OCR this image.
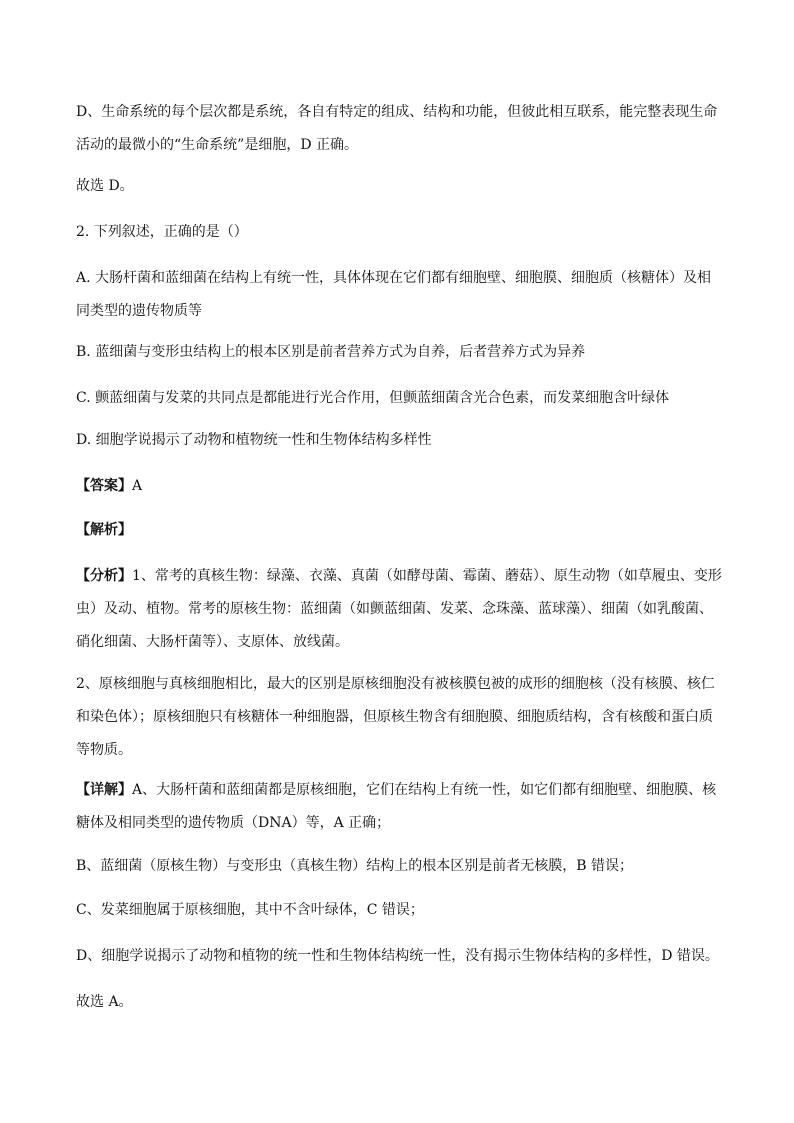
D、生命系统的每个层次都是系统，各自有特定的组成、结构和功能，但彼此相互联系，能完整表现生命
活动的最微小的“生命系统”是细胞，D 正确。

故选 D。

2. 下列叙述，正确的是（）

A. 大肠杆菌和蓝细菌在结构上有统一性，具体体现在它们都有细胞壁、细胞膜、细胞质（核糖体）及相
同类型的遗传物质等

B. 蓝细菌与变形虫结构上的根本区别是前者营养方式为自养，后者营养方式为异养

C. 颤蓝细菌与发菜的共同点是都能进行光合作用，但颤蓝细菌含光合色素，而发菜细胞含叶绿体

D. 细胞学说揭示了动物和植物统一性和生物体结构多样性

【答案】A

【解析】

【分析】1、常考的真核生物：绿藻、衣藻、真菌（如酵母菌、霉菌、蘑菇）、原生动物（如草履虫、变形
虫）及动、植物。常考的原核生物：蓝细菌（如颤蓝细菌、发菜、念珠藻、蓝球藻）、细菌（如乳酸菌、
硝化细菌、大肠杆菌等）、支原体、放线菌。

2、原核细胞与真核细胞相比，最大的区别是原核细胞没有被核膜包被的成形的细胞核（没有核膜、核仁
和染色体）；原核细胞只有核糖体一种细胞器，但原核生物含有细胞膜、细胞质结构，含有核酸和蛋白质
等物质。

【详解】A、大肠杆菌和蓝细菌都是原核细胞，它们在结构上有统一性，如它们都有细胞壁、细胞膜、核
糖体及相同类型的遗传物质（DNA）等，A 正确；

B、蓝细菌（原核生物）与变形虫（真核生物）结构上的根本区别是前者无核膜，B 错误；

C、发菜细胞属于原核细胞，其中不含叶绿体，C 错误；

D、细胞学说揭示了动物和植物的统一性和生物体结构统一性，没有揭示生物体结构的多样性，D 错误。

故选 A。
